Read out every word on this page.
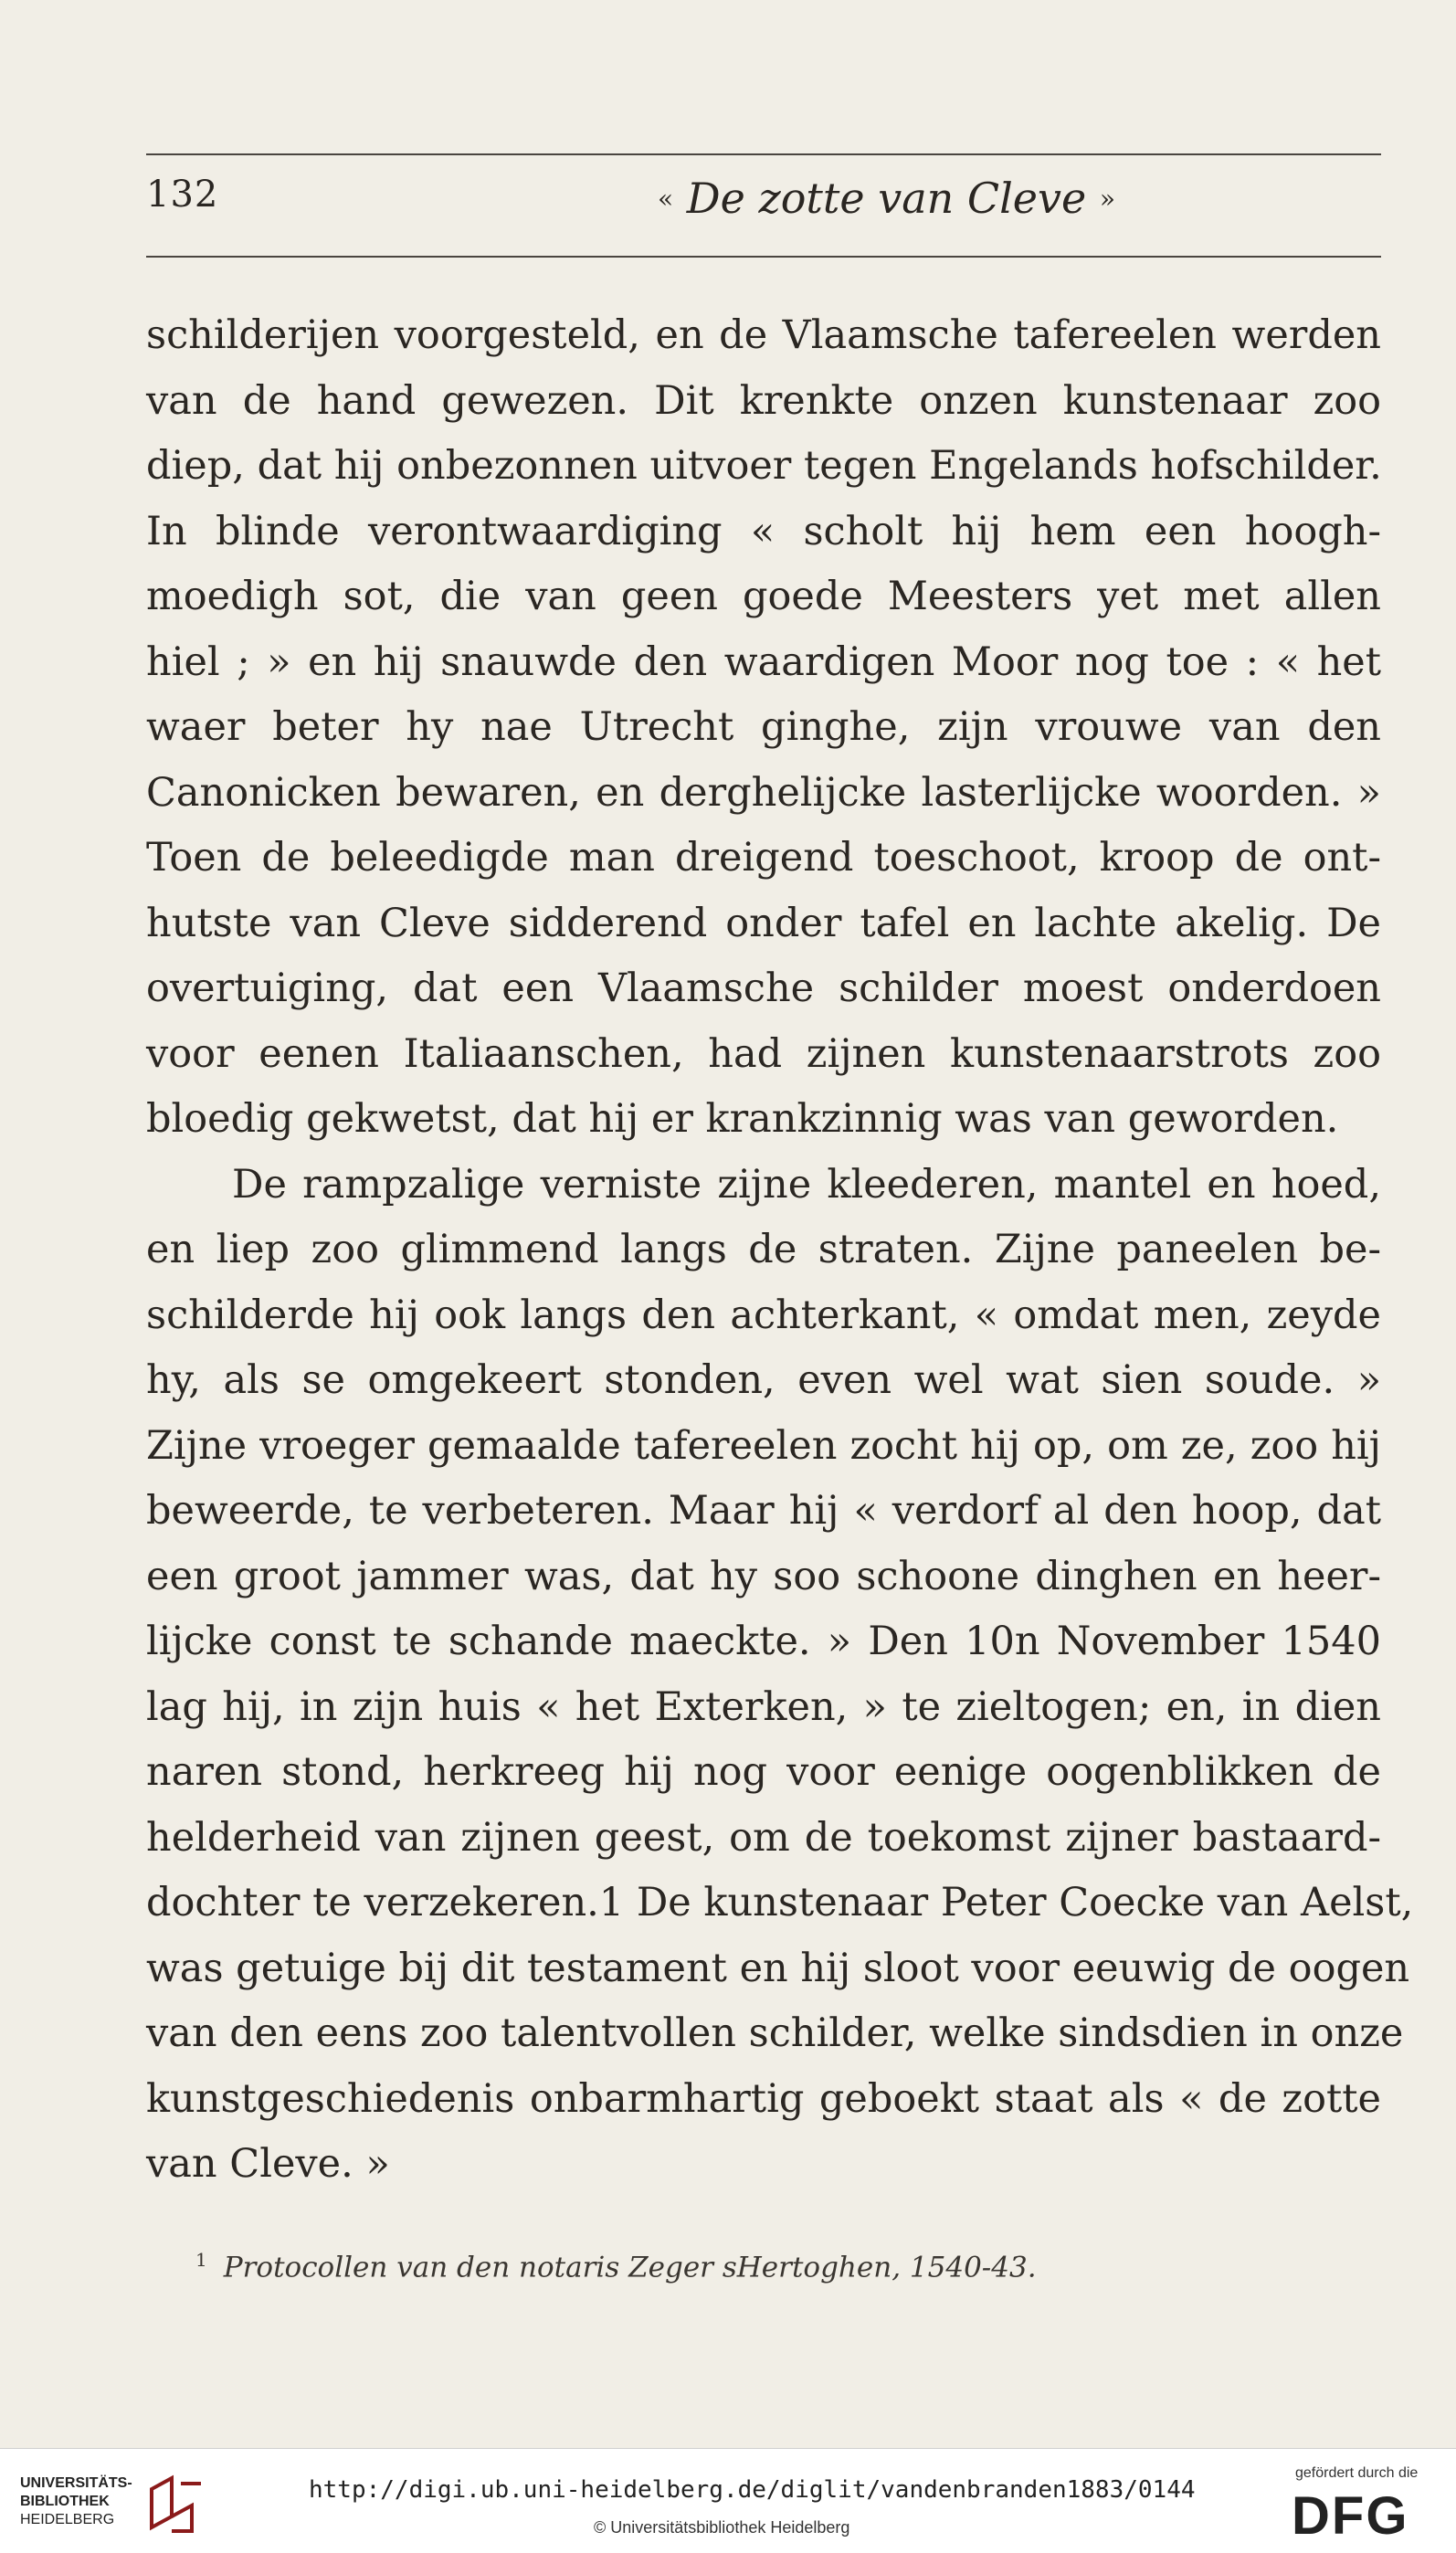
132	« De zotte van Cleve »
schilderijen voorgesteld, en de Vlaamsche tafereelen werden
van de hand gewezen. Dit krenkte onzen kunstenaar zoo
diep, dat hij onbezonnen uitvoer tegen Engelands hofschilder.
In blinde verontwaardiging « scholt hij hem een hoogh-
moedigh sot, die van geen goede Meesters yet met allen
hiel ; » en hij snauwde den waardigen Moor nog toe : « het
waer beter hy nae Utrecht ginghe, zijn vrouwe van den
Canonicken bewaren, en derghelijcke lasterlijcke woorden. »
Toen de beleedigde man dreigend toeschoot, kroop de ont-
hutste van Cleve sidderend onder tafel en lachte akelig. De
overtuiging, dat een Vlaamsche schilder moest onderdoen
voor eenen Italiaanschen, had zijnen kunstenaarstrots zoo
bloedig gekwetst, dat hij er krankzinnig was van geworden.
De rampzalige verniste zijne kleederen, mantel en hoed,
en liep zoo glimmend langs de straten. Zijne paneelen be-
schilderde hij ook langs den achterkant, « omdat men, zeyde
hy, als se omgekeert stonden, even wel wat sien soude. »
Zijne vroeger gemaalde tafereelen zocht hij op, om ze, zoo hij
beweerde, te verbeteren. Maar hij « verdorf al den hoop, dat
een groot jammer was, dat hy soo schoone dinghen en heer-
lijcke const te schande maeckte. » Den 10n November 1540
lag hij, in zijn huis « het Exterken, » te zieltogen; en, in dien
naren stond, herkreeg hij nog voor eenige oogenblikken de
helderheid van zijnen geest, om de toekomst zijner bastaard-
dochter te verzekeren.1 De kunstenaar Peter Coecke van Aelst,
was getuige bij dit testament en hij sloot voor eeuwig de oogen
van den eens zoo talentvollen schilder, welke sindsdien in onze
kunstgeschiedenis onbarmhartig geboekt staat als « de zotte
van Cleve. »
$^1$ Protocollen van den notaris Zeger sHertoghen, 1540-43.
UNIVERSITÄTS-
BIBLIOTHEK
HEIDELBERG
http://digi.ub.uni-heidelberg.de/diglit/vandenbranden1883/0144
© Universitätsbibliothek Heidelberg
gefördert durch die
DFG
